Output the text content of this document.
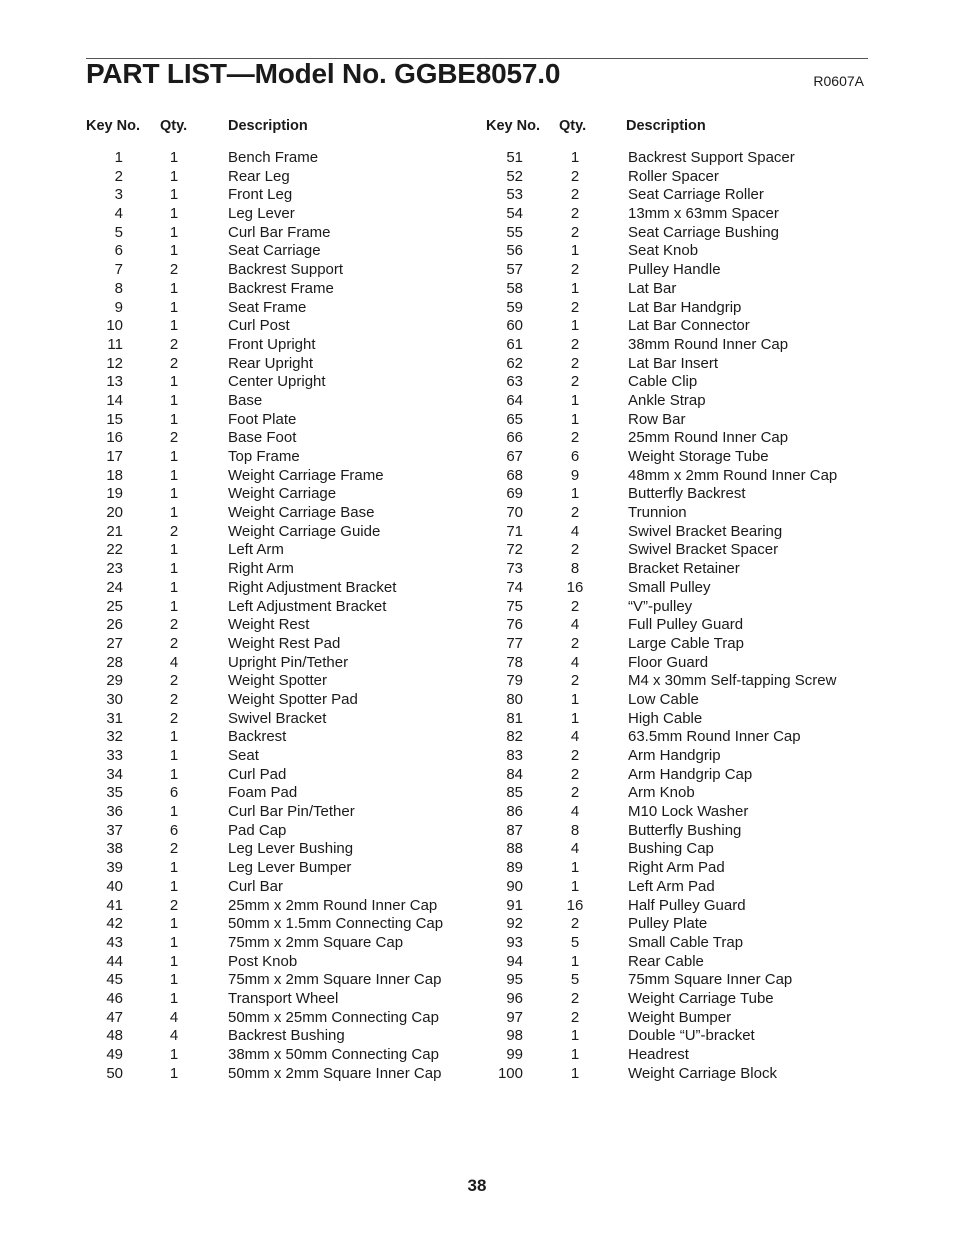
PART LIST—Model No. GGBE8057.0	R0607A
Key No. Qty.	Description
1	1	Bench Frame
2	1	Rear Leg
3	1	Front Leg
4	1	Leg Lever
5	1	Curl Bar Frame
6	1	Seat Carriage
7	2	Backrest Support
8	1	Backrest Frame
9	1	Seat Frame
10	1	Curl Post
11	2	Front Upright
12	2	Rear Upright
13	1	Center Upright
14	1	Base
15	1	Foot Plate
16	2	Base Foot
17	1	Top Frame
18	1	Weight Carriage Frame
19	1	Weight Carriage
20	1	Weight Carriage Base
21	2	Weight Carriage Guide
22	1	Left Arm
23	1	Right Arm
24	1	Right Adjustment Bracket
25	1	Left Adjustment Bracket
26	2	Weight Rest
27	2	Weight Rest Pad
28	4	Upright Pin/Tether
29	2	Weight Spotter
30	2	Weight Spotter Pad
31	2	Swivel Bracket
32	1	Backrest
33	1	Seat
34	1	Curl Pad
35	6	Foam Pad
36	1	Curl Bar Pin/Tether
37	6	Pad Cap
38	2	Leg Lever Bushing
39	1	Leg Lever Bumper
40	1	Curl Bar
41	2	25mm x 2mm Round Inner Cap
42	1	50mm x 1.5mm Connecting Cap
43	1	75mm x 2mm Square Cap
44	1	Post Knob
45	1	75mm x 2mm Square Inner Cap
46	1	Transport Wheel
47	4	50mm x 25mm Connecting Cap
48	4	Backrest Bushing
49	1	38mm x 50mm Connecting Cap
50	1	50mm x 2mm Square Inner Cap
Key No. Qty.	Description
51	1	Backrest Support Spacer
52	2	Roller Spacer
53	2	Seat Carriage Roller
54	2	13mm x 63mm Spacer
55	2	Seat Carriage Bushing
56	1	Seat Knob
57	2	Pulley Handle
58	1	Lat Bar
59	2	Lat Bar Handgrip
60	1	Lat Bar Connector
61	2	38mm Round Inner Cap
62	2	Lat Bar Insert
63	2	Cable Clip
64	1	Ankle Strap
65	1	Row Bar
66	2	25mm Round Inner Cap
67	6	Weight Storage Tube
68	9	48mm x 2mm Round Inner Cap
69	1	Butterfly Backrest
70	2	Trunnion
71	4	Swivel Bracket Bearing
72	2	Swivel Bracket Spacer
73	8	Bracket Retainer
74	16	Small Pulley
75	2	“V”-pulley
76	4	Full Pulley Guard
77	2	Large Cable Trap
78	4	Floor Guard
79	2	M4 x 30mm Self-tapping Screw
80	1	Low Cable
81	1	High Cable
82	4	63.5mm Round Inner Cap
83	2	Arm Handgrip
84	2	Arm Handgrip Cap
85	2	Arm Knob
86	4	M10 Lock Washer
87	8	Butterfly Bushing
88	4	Bushing Cap
89	1	Right Arm Pad
90	1	Left Arm Pad
91	16	Half Pulley Guard
92	2	Pulley Plate
93	5	Small Cable Trap
94	1	Rear Cable
95	5	75mm Square Inner Cap
96	2	Weight Carriage Tube
97	2	Weight Bumper
98	1	Double “U”-bracket
99	1	Headrest
100	1	Weight Carriage Block
38
